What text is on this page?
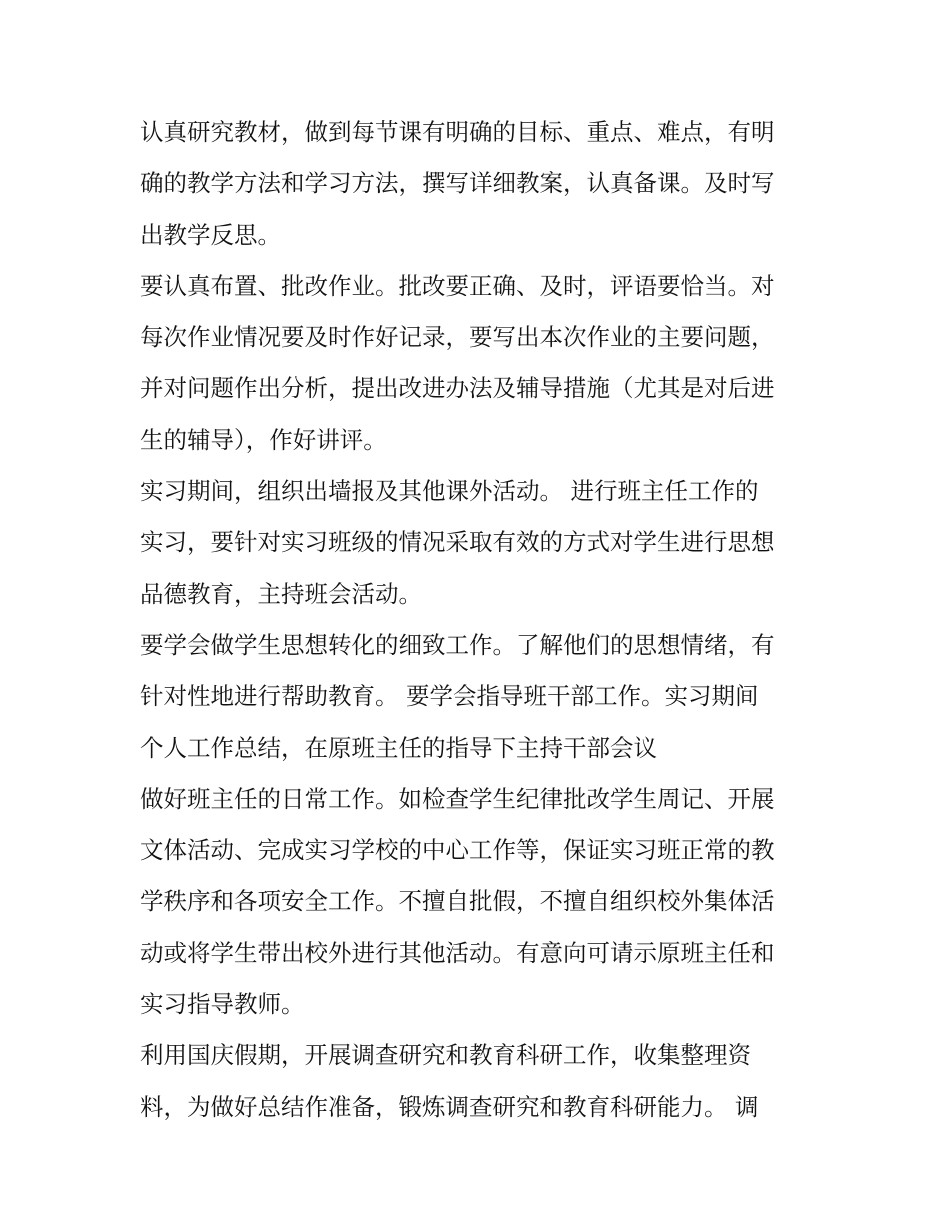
认真研究教材，做到每节课有明确的目标、重点、难点，有明
确的教学方法和学习方法，撰写详细教案，认真备课。及时写
出教学反思。
要认真布置、批改作业。批改要正确、及时，评语要恰当。对
每次作业情况要及时作好记录，要写出本次作业的主要问题，
并对问题作出分析，提出改进办法及辅导措施（尤其是对后进
生的辅导），作好讲评。
实习期间，组织出墙报及其他课外活动。 进行班主任工作的
实习，要针对实习班级的情况采取有效的方式对学生进行思想
品德教育，主持班会活动。
要学会做学生思想转化的细致工作。了解他们的思想情绪，有
针对性地进行帮助教育。 要学会指导班干部工作。实习期间
个人工作总结，在原班主任的指导下主持干部会议
做好班主任的日常工作。如检查学生纪律批改学生周记、开展
文体活动、完成实习学校的中心工作等，保证实习班正常的教
学秩序和各项安全工作。不擅自批假，不擅自组织校外集体活
动或将学生带出校外进行其他活动。有意向可请示原班主任和
实习指导教师。
利用国庆假期，开展调查研究和教育科研工作，收集整理资
料，为做好总结作准备，锻炼调查研究和教育科研能力。 调
